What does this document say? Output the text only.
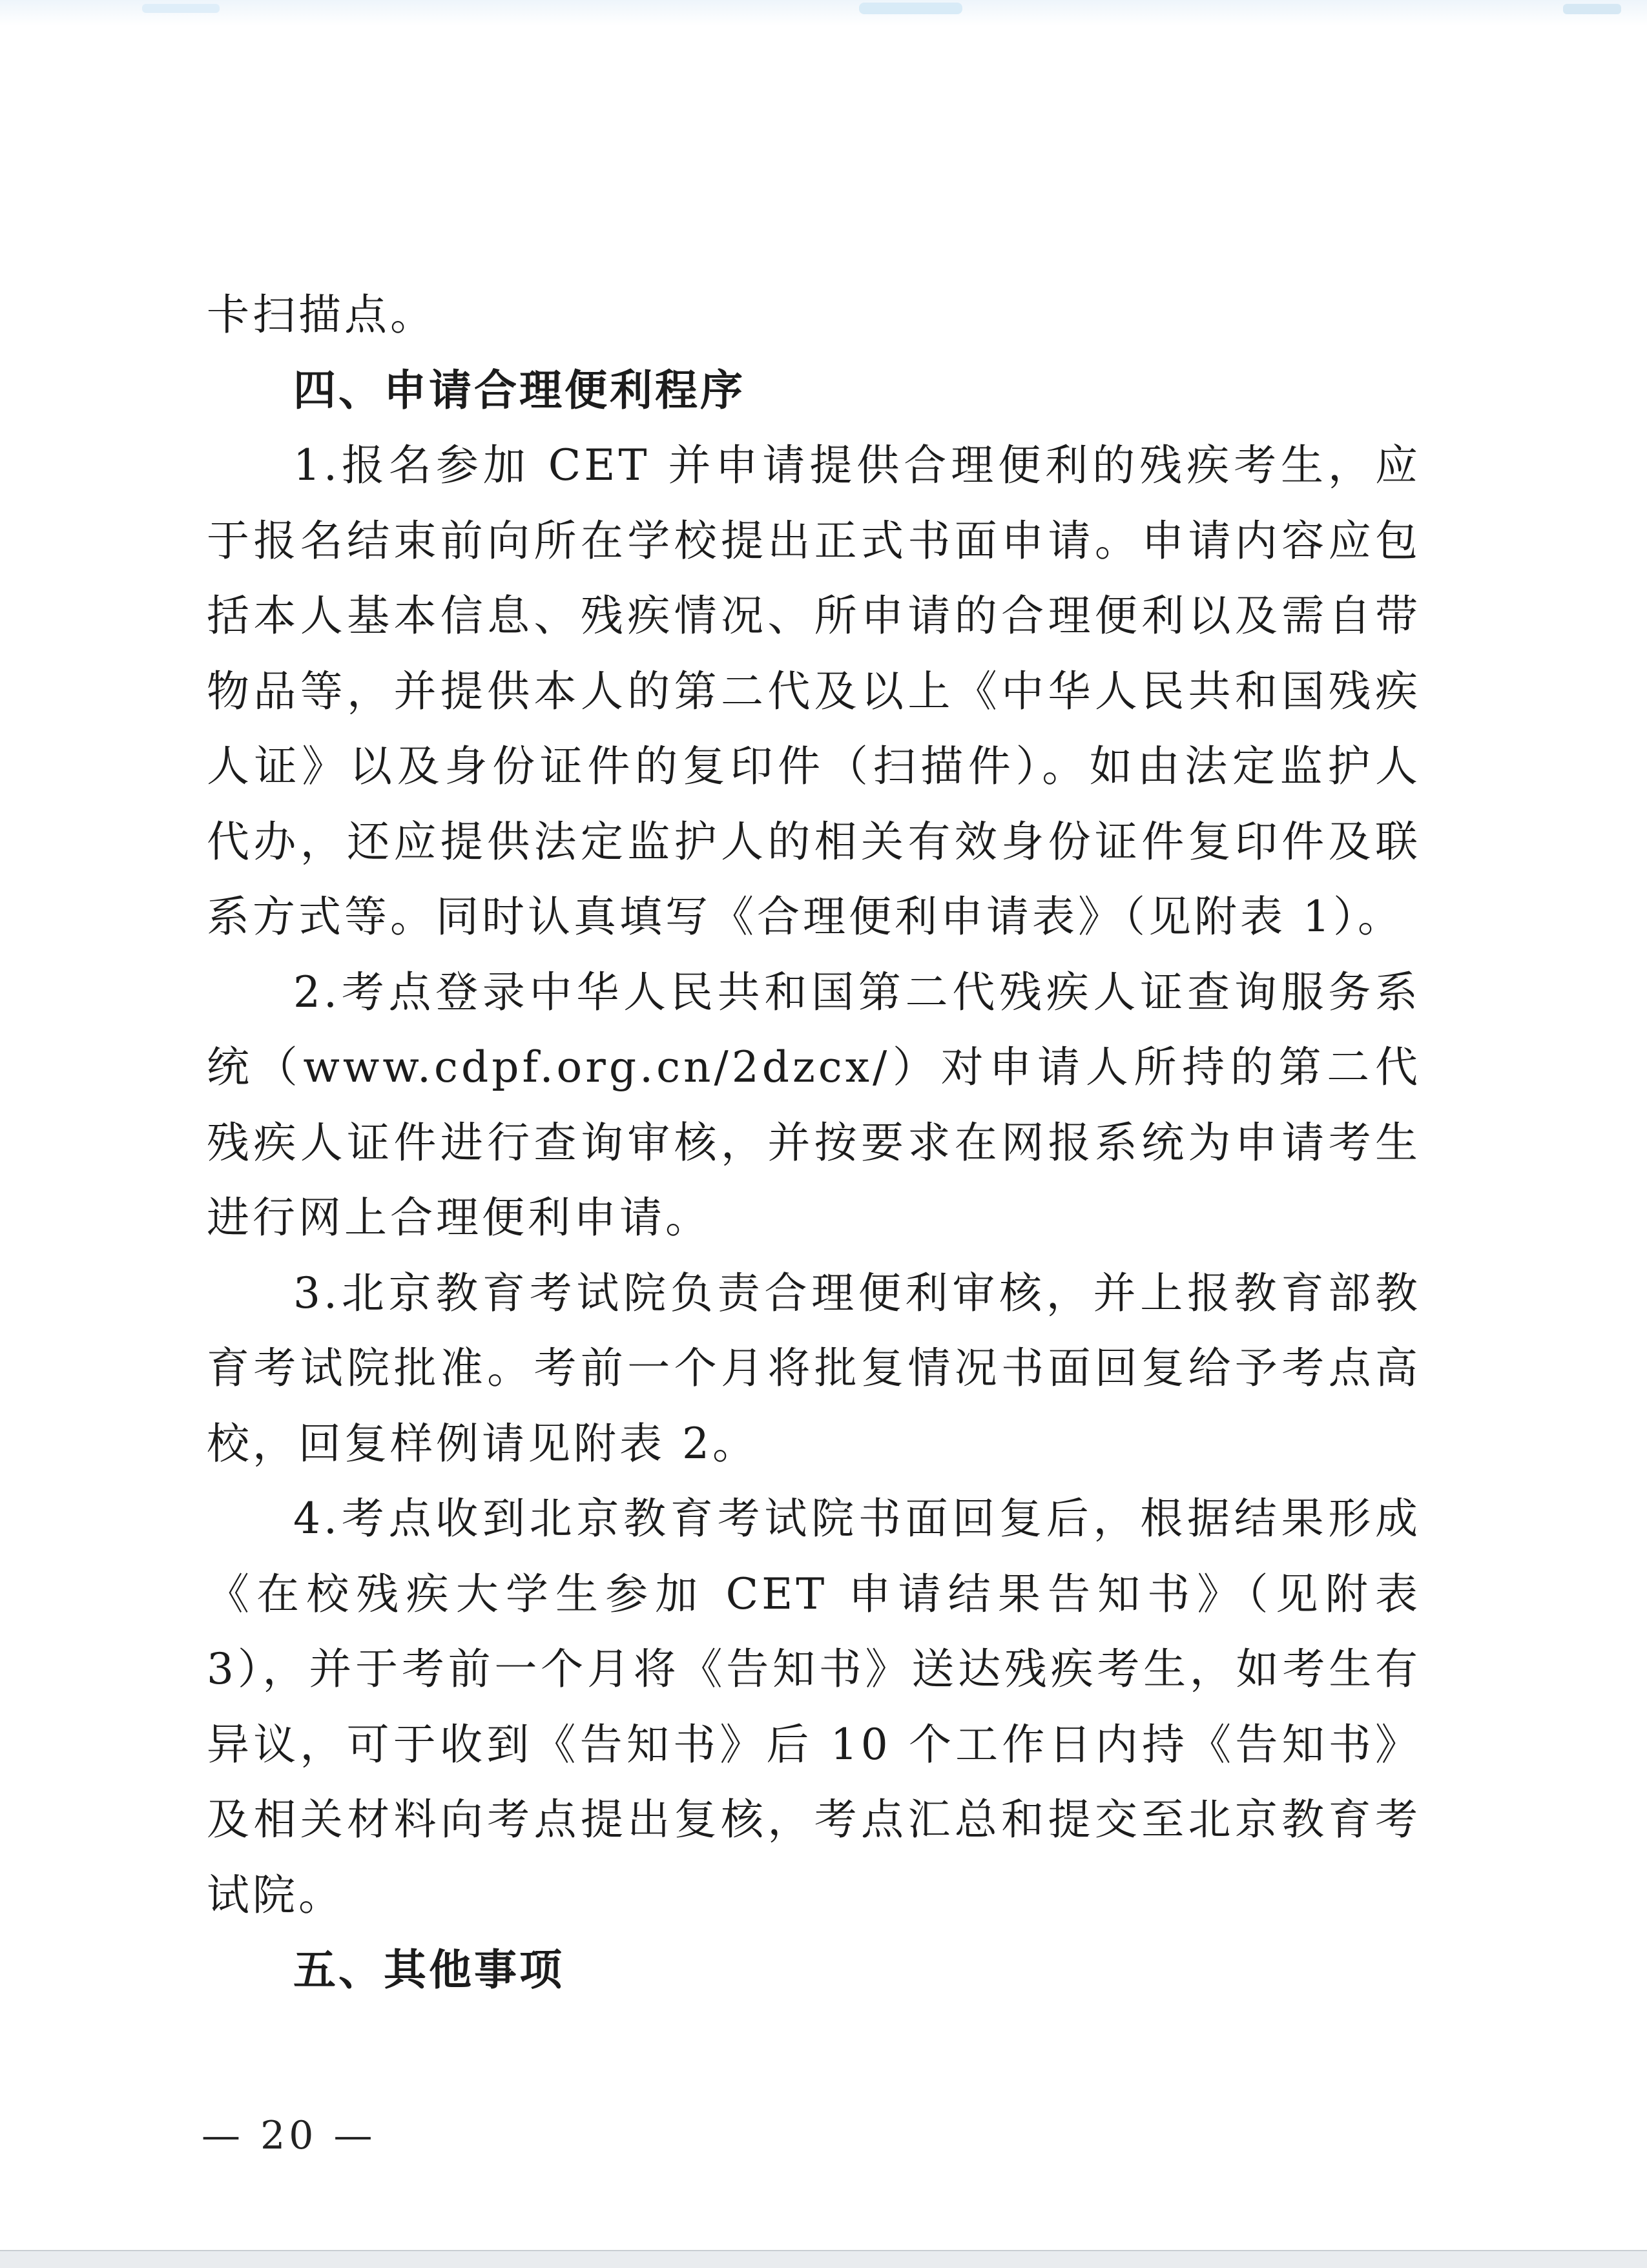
卡扫描点。

四、申请合理便利程序

1.报名参加 CET 并申请提供合理便利的残疾考生，应于报名结束前向所在学校提出正式书面申请。申请内容应包括本人基本信息、残疾情况、所申请的合理便利以及需自带物品等，并提供本人的第二代及以上《中华人民共和国残疾人证》以及身份证件的复印件（扫描件）。如由法定监护人代办，还应提供法定监护人的相关有效身份证件复印件及联系方式等。同时认真填写《合理便利申请表》（见附表 1）。

2.考点登录中华人民共和国第二代残疾人证查询服务系统（www.cdpf.org.cn/2dzcx/）对申请人所持的第二代残疾人证件进行查询审核，并按要求在网报系统为申请考生进行网上合理便利申请。

3.北京教育考试院负责合理便利审核，并上报教育部教育考试院批准。考前一个月将批复情况书面回复给予考点高校，回复样例请见附表 2。

4.考点收到北京教育考试院书面回复后，根据结果形成《在校残疾大学生参加 CET 申请结果告知书》（见附表 3），并于考前一个月将《告知书》送达残疾考生，如考生有异议，可于收到《告知书》后 10 个工作日内持《告知书》及相关材料向考点提出复核，考点汇总和提交至北京教育考试院。

五、其他事项

— 20 —
